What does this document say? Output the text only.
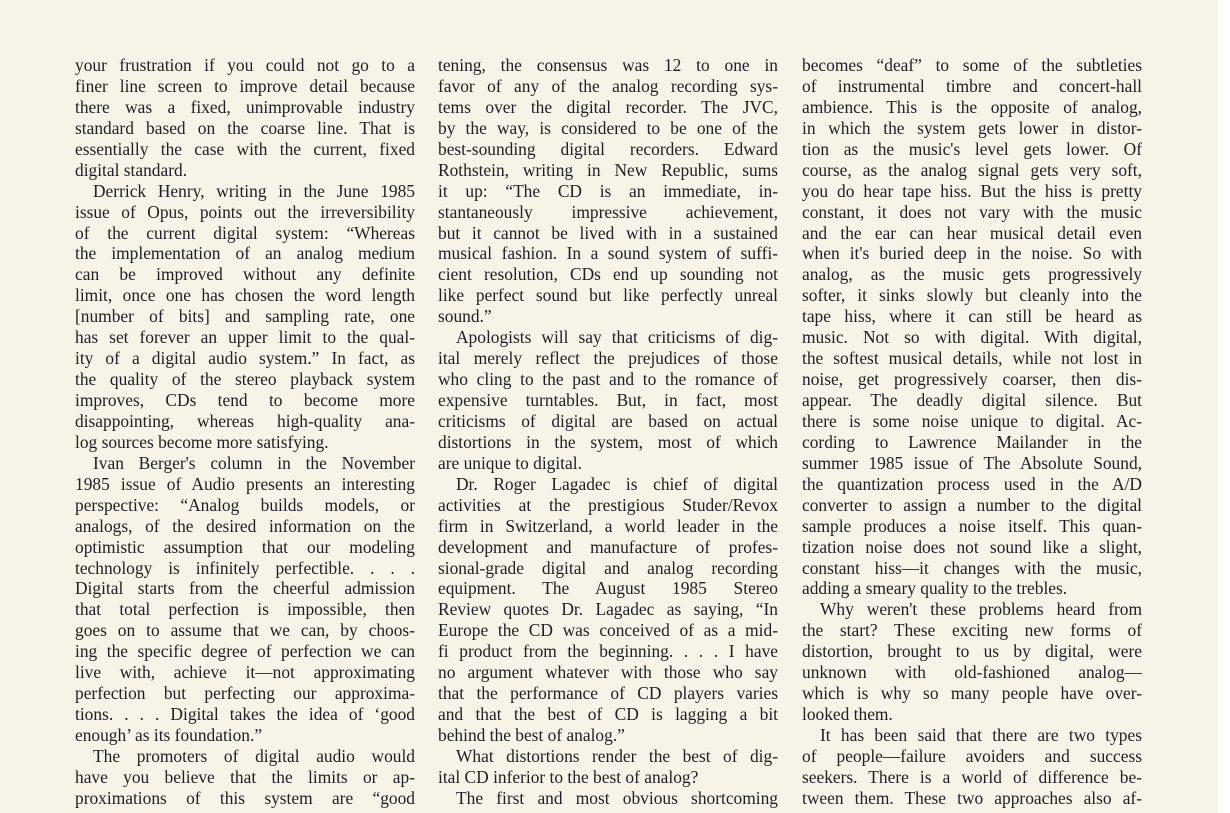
your frustration if you could not go to a
finer line screen to improve detail because
there was a fixed, unimprovable industry
standard based on the coarse line. That is
essentially the case with the current, fixed
digital standard.
Derrick Henry, writing in the June 1985
issue of Opus, points out the irreversibility
of the current digital system: “Whereas
the implementation of an analog medium
can be improved without any definite
limit, once one has chosen the word length
[number of bits] and sampling rate, one
has set forever an upper limit to the qual-
ity of a digital audio system.” In fact, as
the quality of the stereo playback system
improves, CDs tend to become more
disappointing, whereas high-quality ana-
log sources become more satisfying.
Ivan Berger's column in the November
1985 issue of Audio presents an interesting
perspective: “Analog builds models, or
analogs, of the desired information on the
optimistic assumption that our modeling
technology is infinitely perfectible. . . .
Digital starts from the cheerful admission
that total perfection is impossible, then
goes on to assume that we can, by choos-
ing the specific degree of perfection we can
live with, achieve it—not approximating
perfection but perfecting our approxima-
tions. . . . Digital takes the idea of ‘good
enough’ as its foundation.”
The promoters of digital audio would
have you believe that the limits or ap-
proximations of this system are “good
tening, the consensus was 12 to one in
favor of any of the analog recording sys-
tems over the digital recorder. The JVC,
by the way, is considered to be one of the
best-sounding digital recorders. Edward
Rothstein, writing in New Republic, sums
it up: “The CD is an immediate, in-
stantaneously impressive achievement,
but it cannot be lived with in a sustained
musical fashion. In a sound system of suffi-
cient resolution, CDs end up sounding not
like perfect sound but like perfectly unreal
sound.”
Apologists will say that criticisms of dig-
ital merely reflect the prejudices of those
who cling to the past and to the romance of
expensive turntables. But, in fact, most
criticisms of digital are based on actual
distortions in the system, most of which
are unique to digital.
Dr. Roger Lagadec is chief of digital
activities at the prestigious Studer/Revox
firm in Switzerland, a world leader in the
development and manufacture of profes-
sional-grade digital and analog recording
equipment. The August 1985 Stereo
Review quotes Dr. Lagadec as saying, “In
Europe the CD was conceived of as a mid-
fi product from the beginning. . . . I have
no argument whatever with those who say
that the performance of CD players varies
and that the best of CD is lagging a bit
behind the best of analog.”
What distortions render the best of dig-
ital CD inferior to the best of analog?
The first and most obvious shortcoming
becomes “deaf” to some of the subtleties
of instrumental timbre and concert-hall
ambience. This is the opposite of analog,
in which the system gets lower in distor-
tion as the music's level gets lower. Of
course, as the analog signal gets very soft,
you do hear tape hiss. But the hiss is pretty
constant, it does not vary with the music
and the ear can hear musical detail even
when it's buried deep in the noise. So with
analog, as the music gets progressively
softer, it sinks slowly but cleanly into the
tape hiss, where it can still be heard as
music. Not so with digital. With digital,
the softest musical details, while not lost in
noise, get progressively coarser, then dis-
appear. The deadly digital silence. But
there is some noise unique to digital. Ac-
cording to Lawrence Mailander in the
summer 1985 issue of The Absolute Sound,
the quantization process used in the A/D
converter to assign a number to the digital
sample produces a noise itself. This quan-
tization noise does not sound like a slight,
constant hiss—it changes with the music,
adding a smeary quality to the trebles.
Why weren't these problems heard from
the start? These exciting new forms of
distortion, brought to us by digital, were
unknown with old-fashioned analog—
which is why so many people have over-
looked them.
It has been said that there are two types
of people—failure avoiders and success
seekers. There is a world of difference be-
tween them. These two approaches also af-
